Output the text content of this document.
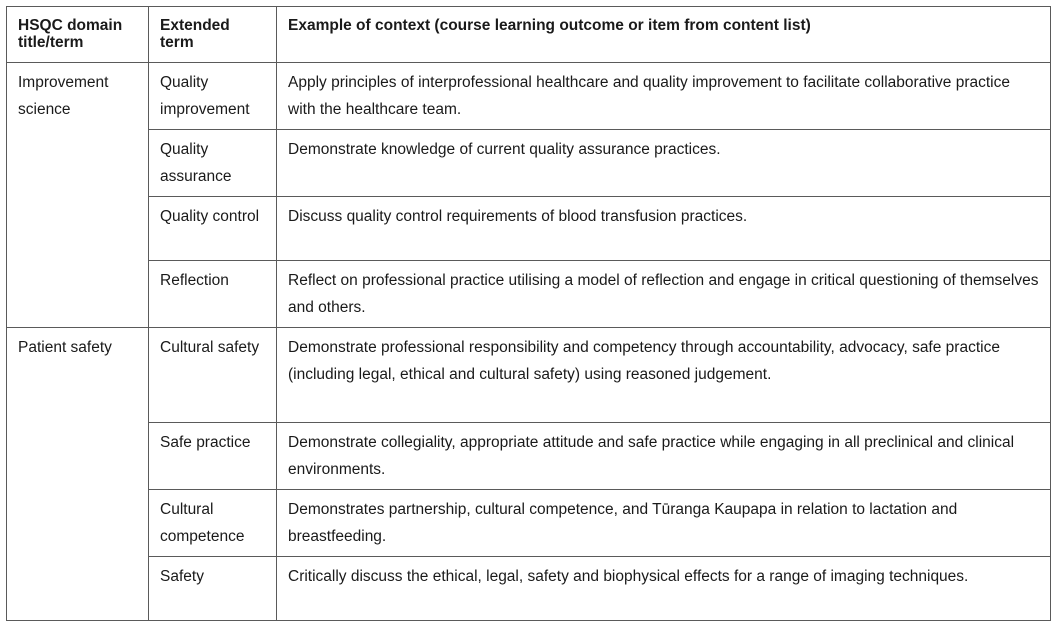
HSQC domain title/term	Extended term	Example of context (course learning outcome or item from content list)
Improvement science	Quality improvement	Apply principles of interprofessional healthcare and quality improvement to facilitate collaborative practice with the healthcare team.
	Quality assurance	Demonstrate knowledge of current quality assurance practices.
	Quality control	Discuss quality control requirements of blood transfusion practices.
	Reflection	Reflect on professional practice utilising a model of reflection and engage in critical questioning of themselves and others.
Patient safety	Cultural safety	Demonstrate professional responsibility and competency through accountability, advocacy, safe practice (including legal, ethical and cultural safety) using reasoned judgement.
	Safe practice	Demonstrate collegiality, appropriate attitude and safe practice while engaging in all preclinical and clinical environments.
	Cultural competence	Demonstrates partnership, cultural competence, and Tūranga Kaupapa in relation to lactation and breastfeeding.
	Safety	Critically discuss the ethical, legal, safety and biophysical effects for a range of imaging techniques.
